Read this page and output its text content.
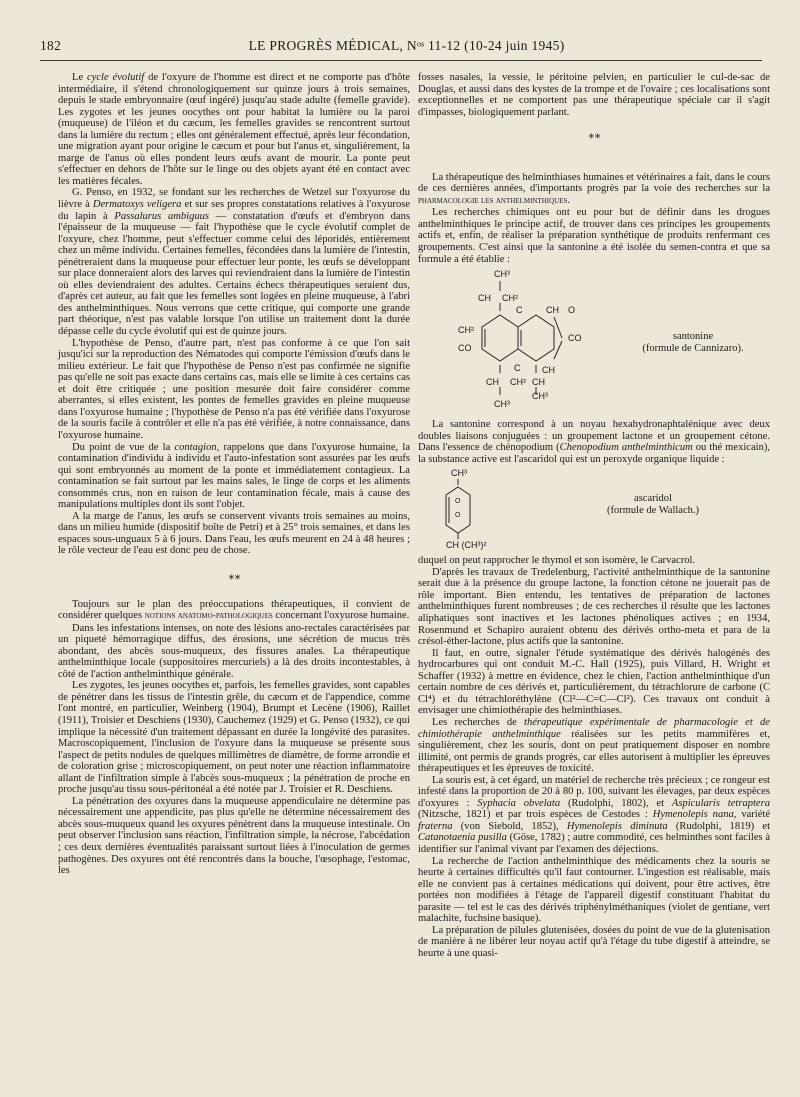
182	LE PROGRÈS MÉDICAL, Nᵒˢ 11-12 (10-24 juin 1945)

Le cycle évolutif de l'oxyure de l'homme est direct et ne comporte pas d'hôte intermédiaire, il s'étend chronologiquement sur quinze jours à trois semaines, depuis le stade embryonnaire (œuf ingéré) jusqu'au stade adulte (femelle gravide). Les zygotes et les jeunes oocythes ont pour habitat la lumière ou la paroi (muqueuse) de l'iléon et du cæcum, les femelles gravides se rencontrent surtout dans la lumière du rectum ; elles ont généralement effectué, après leur fécondation, une migration ayant pour origine le cæcum et pour but l'anus et, singulièrement, la marge de l'anus où elles pondent leurs œufs avant de mourir. La ponte peut s'effectuer en dehors de l'hôte sur le linge ou des objets ayant été en contact avec les matières fécales.

G. Penso, en 1932, se fondant sur les recherches de Wetzel sur l'oxyurose du lièvre à Dermatoxys veligera et sur ses propres constatations relatives à l'oxyurose du lapin à Passalurus ambiguus — constatation d'œufs et d'embryon dans l'épaisseur de la muqueuse — fait l'hypothèse que le cycle évolutif complet de l'oxyure, chez l'homme, peut s'effectuer comme celui des léporidés, entièrement chez un même individu. Certaines femelles, fécondées dans la lumière de l'intestin, pénétreraient dans la muqueuse pour effectuer leur ponte, les œufs se développant sur place donneraient alors des larves qui reviendraient dans la lumière de l'intestin où elles deviendraient des adultes. Certains échecs thérapeutiques seraient dus, d'après cet auteur, au fait que les femelles sont logées en pleine muqueuse, à l'abri des anthelminthiques. Nous verrons que cette critique, qui comporte une grande part théorique, n'est pas valable lorsque l'on utilise un traitement dont la durée dépasse celle du cycle évolutif qui est de quinze jours.

L'hypothèse de Penso, d'autre part, n'est pas conforme à ce que l'on sait jusqu'ici sur la reproduction des Nématodes qui comporte l'émission d'œufs dans le milieu extérieur. Le fait que l'hypothèse de Penso n'est pas confirmée ne signifie pas qu'elle ne soit pas exacte dans certains cas, mais elle se limite à ces certains cas et doit être critiquée ; une position mesurée doit faire considérer comme aberrantes, si elles existent, les pontes de femelles gravides en pleine muqueuse dans l'oxyurose humaine ; l'hypothèse de Penso n'a pas été vérifiée dans l'oxyurose de la souris facile à contrôler et elle n'a pas été vérifiée, à notre connaissance, dans l'oxyurose humaine.

Du point de vue de la contagion, rappelons que dans l'oxyurose humaine, la contamination d'individu à individu et l'auto-infestation sont assurées par les œufs qui sont embryonnés au moment de la ponte et immédiatement contagieux. La contamination se fait surtout par les mains sales, le linge de corps et les aliments consommés crus, non en raison de leur contamination fécale, mais à cause des manipulations multiples dont ils sont l'objet.

A la marge de l'anus, les œufs se conservent vivants trois semaines au moins, dans un milieu humide (dispositif boîte de Petri) et à 25° trois semaines, et dans les espaces sous-unguaux 5 à 6 jours. Dans l'eau, les œufs meurent en 24 à 48 heures ; le rôle vecteur de l'eau est donc peu de chose.

⁎ ⁎

Toujours sur le plan des préoccupations thérapeutiques, il convient de considérer quelques notions anatomo-pathologiques concernant l'oxyurose humaine.

Dans les infestations intenses, on note des lésions ano-rectales caractérisées par un piqueté hémorragique diffus, des érosions, une sécrétion de mucus très abondant, des abcès sous-muqueux, des fissures anales. La thérapeutique anthelminthique locale (suppositoires mercuriels) a là des droits incontestables, à côté de l'action anthelminthique générale.

Les zygotes, les jeunes oocythes et, parfois, les femelles gravides, sont capables de pénétrer dans les tissus de l'intestin grêle, du cæcum et de l'appendice, comme l'ont montré, en particulier, Weinberg (1904), Brumpt et Lecène (1906), Raillet (1911), Troisier et Deschiens (1930), Cauchemez (1929) et G. Penso (1932), ce qui implique la nécessité d'un traitement dépassant en durée la longévité des parasites. Macroscopiquement, l'inclusion de l'oxyure dans la muqueuse se présente sous l'aspect de petits nodules de quelques millimètres de diamètre, de forme arrondie et de coloration grise ; microscopiquement, on peut noter une réaction inflammatoire allant de l'infiltration simple à l'abcès sous-muqueux ; la pénétration de proche en proche jusqu'au tissu sous-péritonéal a été notée par J. Troisier et R. Deschiens.

La pénétration des oxyures dans la muqueuse appendiculaire ne détermine pas nécessairement une appendicite, pas plus qu'elle ne détermine nécessairement des abcès sous-muqueux quand les oxyures pénètrent dans la muqueuse intestinale. On peut observer l'inclusion sans réaction, l'infiltration simple, la nécrose, l'abcédation ; ces deux dernières éventualités paraissant surtout liées à l'inoculation de germes pathogènes. Des oxyures ont été rencontrés dans la bouche, l'œsophage, l'estomac, les

fosses nasales, la vessie, le péritoine pelvien, en particulier le cul-de-sac de Douglas, et aussi dans des kystes de la trompe et de l'ovaire ; ces localisations sont exceptionnelles et ne comportent pas une thérapeutique spéciale car il s'agit d'impasses, biologiquement parlant.

⁎ ⁎

La thérapeutique des helminthiases humaines et vétérinaires a fait, dans le cours de ces dernières années, d'importants progrès par la voie des recherches sur la pharmacologie les anthelminthiques.

Les recherches chimiques ont eu pour but de définir dans les drogues anthelminthiques le principe actif, de trouver dans ces principes les groupements actifs et, enfin, de réaliser la préparation synthétique de produits renfermant ces groupements. C'est ainsi que la santonine a été isolée du semen-contra et que sa formule a été établie :

CH³
CH CH²
C	CH O
CH²
CO
CO
C CH
CH CH² CH
CH³
CH³
santonine
(formule de Cannizaro).

La santonine correspond à un noyau hexahydronaphtalénique avec deux doubles liaisons conjuguées : un groupement lactone et un groupement cétone. Dans l'essence de chénopodium (Chenopodium anthelminthicum ou thé mexicain), la substance active est l'ascaridol qui est un peroxyde organique liquide :

CH³
O
O
CH (CH³)²
ascaridol
(formule de Wallach.)

duquel on peut rapprocher le thymol et son isomère, le Carvacrol.

D'après les travaux de Tredelenburg, l'activité anthelminthique de la santonine serait due à la présence du groupe lactone, la fonction cétone ne jouerait pas de rôle important. Bien entendu, les tentatives de préparation de lactones anthelminthiques furent nombreuses ; de ces recherches il résulte que les lactones aliphatiques sont inactives et les lactones phénoliques actives ; en 1934, Rosenmund et Schapiro auraient obtenu des dérivés ortho-meta et para de la crésol-éther-lactone, plus actifs que la santonine.

Il faut, en outre, signaler l'étude systématique des dérivés halogénés des hydrocarbures qui ont conduit M.-C. Hall (1925), puis Villard, H. Wright et Schaffer (1932) à mettre en évidence, chez le chien, l'action anthelminthique d'un certain nombre de ces dérivés et, particulièrement, du tétrachlorure de carbone (C Cl⁴) et du tétrachloréthylène (Cl²—C=C—Cl²). Ces travaux ont conduit à envisager une chimiothérapie des helminthiases.

Les recherches de thérapeutique expérimentale de pharmacologie et de chimiothérapie anthelminthique réalisées sur les petits mammifères et, singulièrement, chez les souris, dont on peut pratiquement disposer en nombre illimité, ont permis de grands progrès, car elles autorisent à multiplier les épreuves thérapeutiques et les épreuves de toxicité.

La souris est, à cet égard, un matériel de recherche très précieux ; ce rongeur est infesté dans la proportion de 20 à 80 p. 100, suivant les élevages, par deux espèces d'oxyures : Syphacia obvelata (Rudolphi, 1802), et Aspicularis tetraptera (Nitzsche, 1821) et par trois espèces de Cestodes : Hymenolepis nana, variété fraterna (von Siebold, 1852), Hymenolepis diminuta (Rudolphi, 1819) et Catanotaenia pusilla (Göse, 1782) ; autre commodité, ces helminthes sont faciles à identifier sur l'animal vivant par l'examen des déjections.

La recherche de l'action anthelminthique des médicaments chez la souris se heurte à certaines difficultés qu'il faut contourner. L'ingestion est réalisable, mais elle ne convient pas à certaines médications qui doivent, pour être actives, être portées non modifiées à l'étage de l'appareil digestif constituant l'habitat du parasite — tel est le cas des dérivés triphénylméthaniques (violet de gentiane, vert malachite, fuchsine basique).

La préparation de pilules glutenisées, dosées du point de vue de la glutenisation de manière à ne libérer leur noyau actif qu'à l'étage du tube digestif à atteindre, se heurte à une quasi-
